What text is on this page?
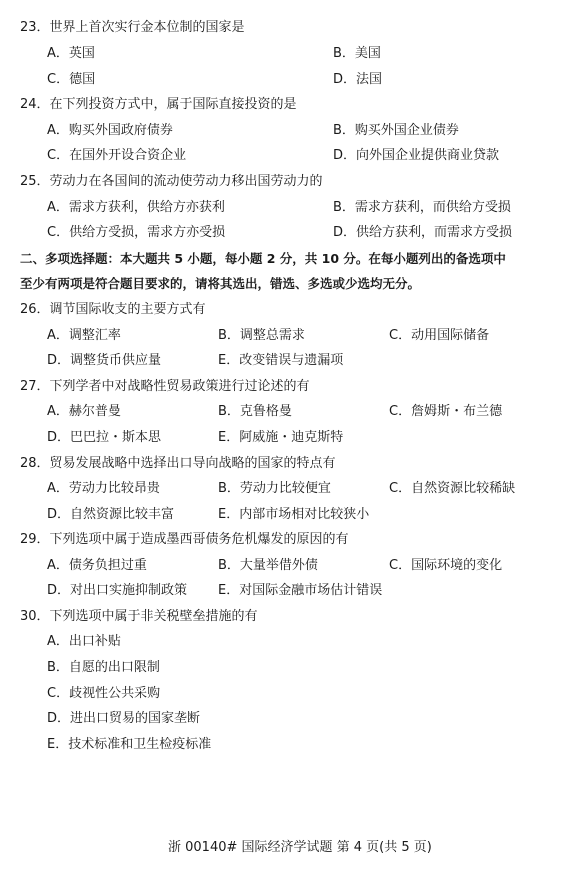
23．世界上首次实行金本位制的国家是
A．英国	B．美国
C．德国	D．法国
24．在下列投资方式中，属于国际直接投资的是
A．购买外国政府债券	B．购买外国企业债券
C．在国外开设合资企业	D．向外国企业提供商业贷款
25．劳动力在各国间的流动使劳动力移出国劳动力的
A．需求方获利，供给方亦获利	B．需求方获利，而供给方受损
C．供给方受损，需求方亦受损	D．供给方获利，而需求方受损
二、多项选择题：本大题共 5 小题，每小题 2 分，共 10 分。在每小题列出的备选项中
至少有两项是符合题目要求的，请将其选出，错选、多选或少选均无分。
26．调节国际收支的主要方式有
A．调整汇率	B．调整总需求	C．动用国际储备
D．调整货币供应量	E．改变错误与遗漏项
27．下列学者中对战略性贸易政策进行过论述的有
A．赫尔普曼	B．克鲁格曼	C．詹姆斯・布兰德
D．巴巴拉・斯本思	E．阿威施・迪克斯特
28．贸易发展战略中选择出口导向战略的国家的特点有
A．劳动力比较昂贵	B．劳动力比较便宜	C．自然资源比较稀缺
D．自然资源比较丰富	E．内部市场相对比较狭小
29．下列选项中属于造成墨西哥债务危机爆发的原因的有
A．债务负担过重	B．大量举借外债	C．国际环境的变化
D．对出口实施抑制政策 E．对国际金融市场估计错误
30．下列选项中属于非关税壁垒措施的有
A．出口补贴
B．自愿的出口限制
C．歧视性公共采购
D．进出口贸易的国家垄断
E．技术标准和卫生检疫标准
浙 00140# 国际经济学试题 第 4 页(共 5 页)
